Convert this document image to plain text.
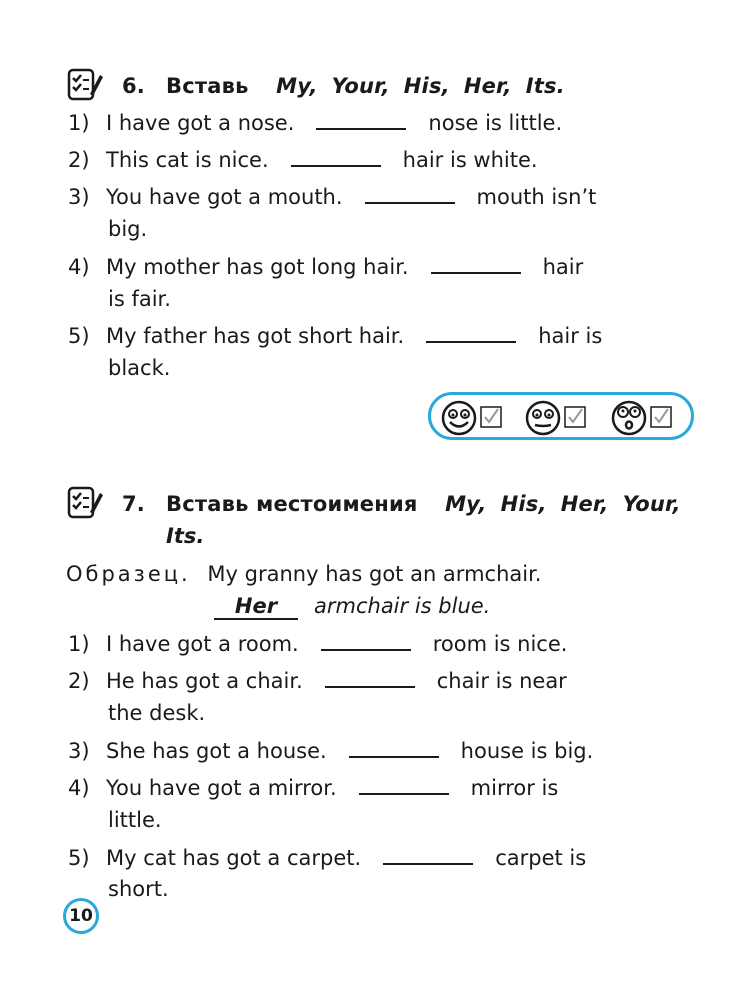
6. Вставь My, Your, His, Her, Its.
1) I have got a nose.	nose is little.
2) This cat is nice.	hair is white.
3) You have got a mouth.	mouth isn’t
big.
4) My mother has got long hair.	hair
is fair.
5) My father has got short hair.	hair is
black.
7. Вставь местоимения My, His, Her, Your,
Its.
Образец. My granny has got an armchair.
Her armchair is blue.
1) I have got a room.	room is nice.
2) He has got a chair.	chair is near
the desk.
3) She has got a house.	house is big.
4) You have got a mirror.	mirror is
little.
5) My cat has got a carpet.	carpet is
short.
10
